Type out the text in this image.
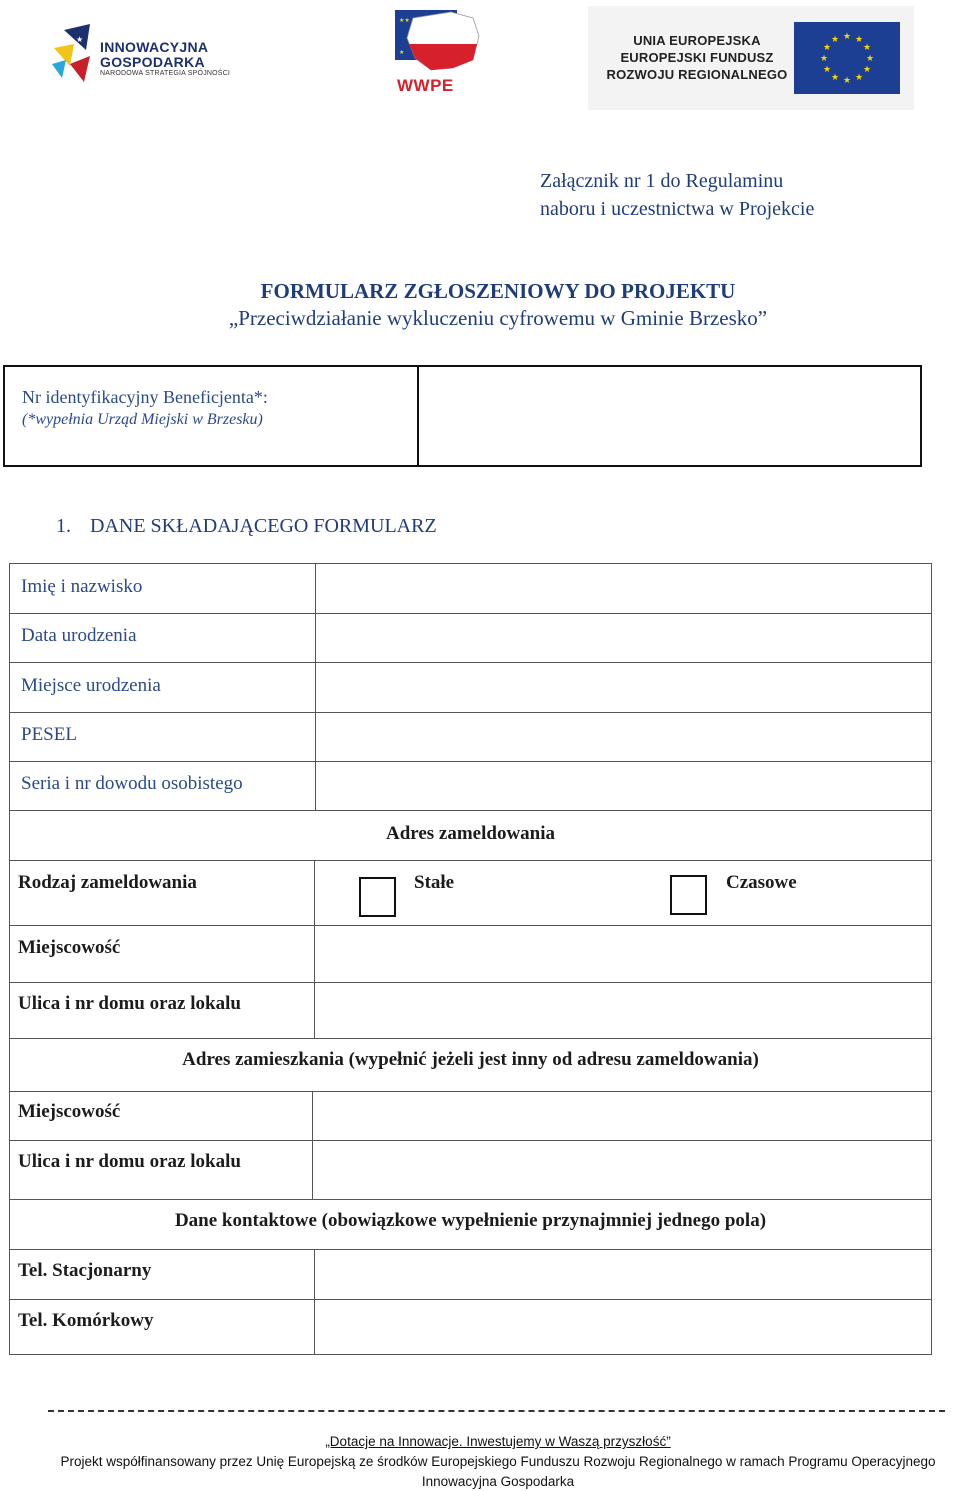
★ INNOWACYJNA
GOSPODARKA
NARODOWA STRATEGIA SPÓJNOŚCI
★★
★
WWPE
UNIA EUROPEJSKA
EUROPEJSKI FUNDUSZ
ROZWOJU REGIONALNEGO
★ ★
★
★
★
★
★
★
★
★
★
★
Załącznik nr 1 do Regulaminu
naboru i uczestnictwa w Projekcie
FORMULARZ ZGŁOSZENIOWY DO PROJEKTU
„Przeciwdziałanie wykluczeniu cyfrowemu w Gminie Brzesko”
Nr identyfikacyjny Beneficjenta*:
(*wypełnia Urząd Miejski w Brzesku)
1. DANE SKŁADAJĄCEGO FORMULARZ
Imię i nazwisko
Data urodzenia
Miejsce urodzenia
PESEL
Seria i nr dowodu osobistego
Adres zameldowania
Rodzaj zameldowania	Stałe	Czasowe
Miejscowość
Ulica i nr domu oraz lokalu
Adres zamieszkania (wypełnić jeżeli jest inny od adresu zameldowania)
Miejscowość
Ulica i nr domu oraz lokalu
Dane kontaktowe (obowiązkowe wypełnienie przynajmniej jednego pola)
Tel. Stacjonarny
Tel. Komórkowy
„Dotacje na Innowacje. Inwestujemy w Waszą przyszłość”
Projekt współfinansowany przez Unię Europejską ze środków Europejskiego Funduszu Rozwoju Regionalnego w ramach Programu Operacyjnego
Innowacyjna Gospodarka
